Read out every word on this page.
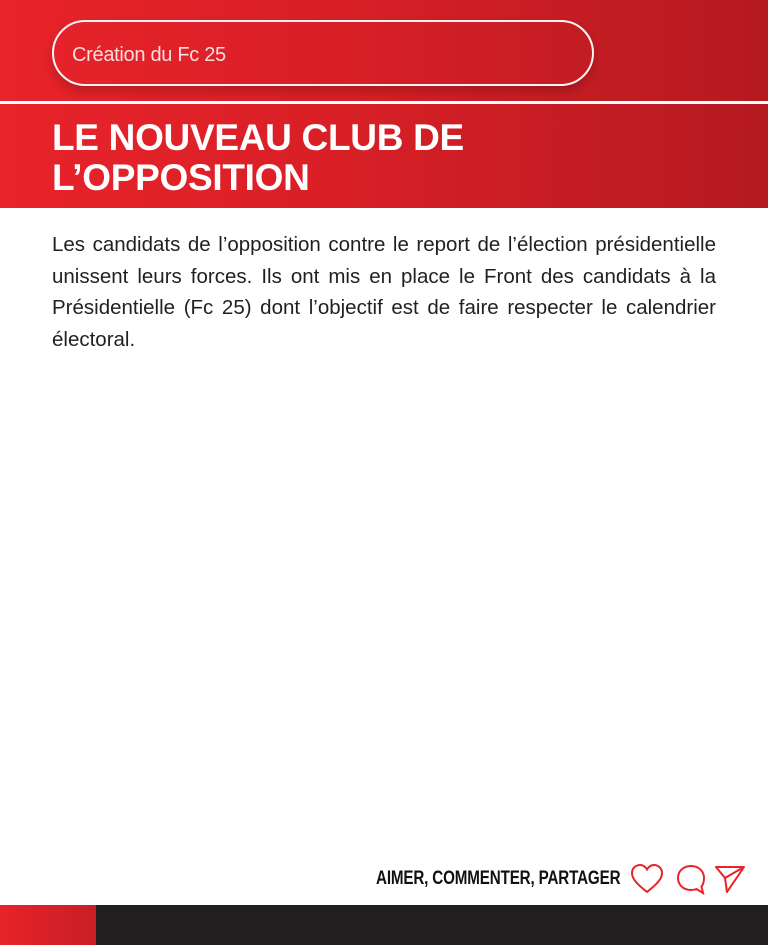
Création du Fc 25
LE NOUVEAU CLUB DE
L’OPPOSITION

Les candidats de l’opposition contre le report de l’élection présidentielle unissent leurs forces. Ils ont mis en place le Front des candidats à la Présidentielle (Fc 25) dont l’objectif est de faire respecter le calendrier électoral.

AIMER, COMMENTER, PARTAGER
